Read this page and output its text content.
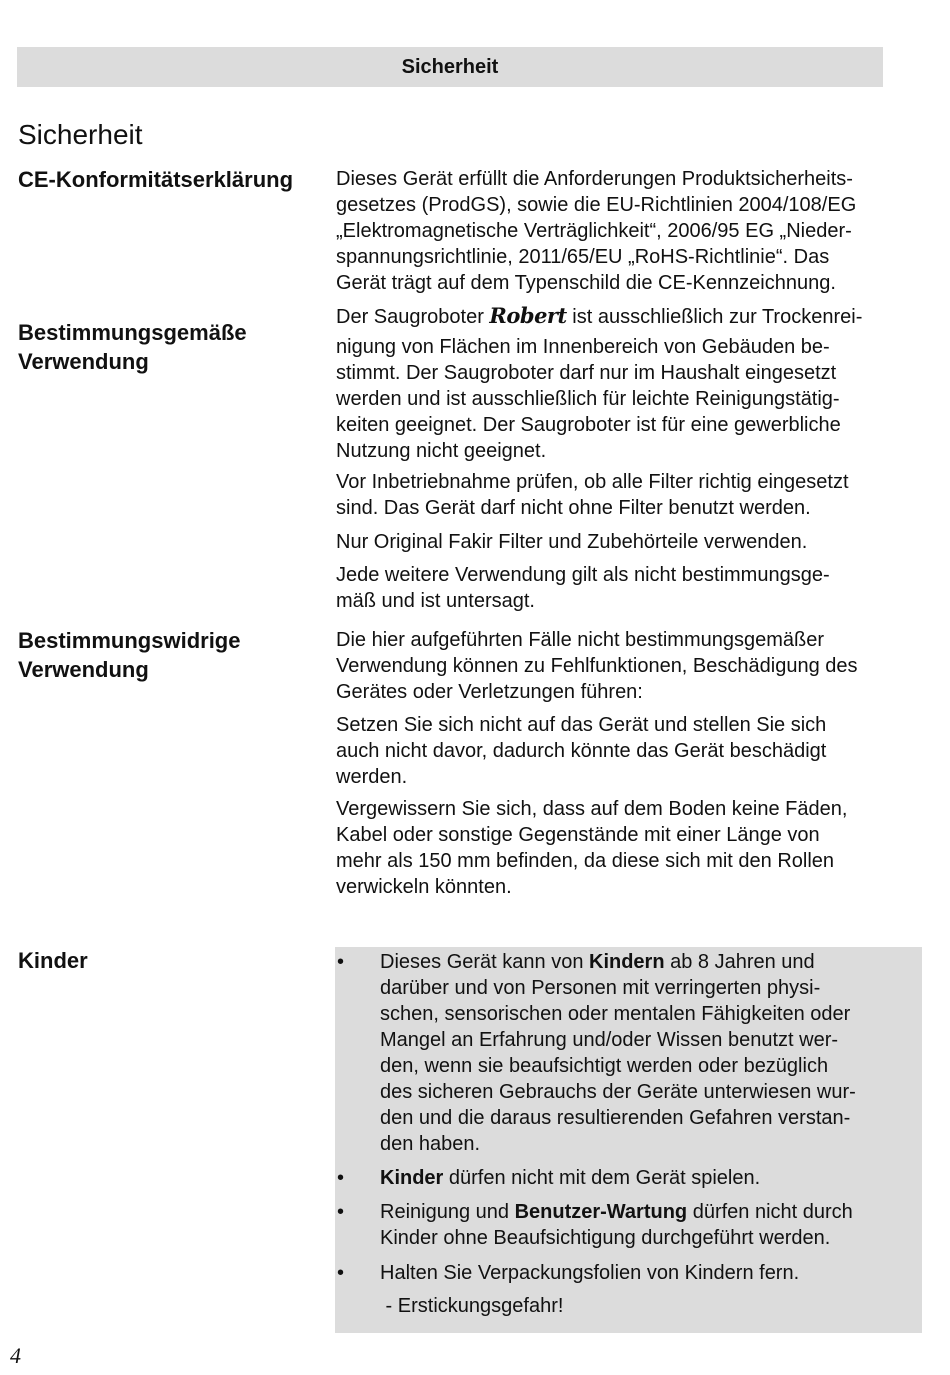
Sicherheit
Sicherheit
CE-Konformitätserklärung Dieses Gerät erfüllt die Anforderungen Produktsicherheits-
gesetzes (ProdGS), sowie die EU-Richtlinien 2004/108/EG
„Elektromagnetische Verträglichkeit“, 2006/95 EG „Nieder-
spannungsrichtlinie, 2011/65/EU „RoHS-Richtlinie“. Das
Gerät trägt auf dem Typenschild die CE-Kennzeichnung.

Bestimmungsgemäße
Verwendung

Der Saugroboter Robert ist ausschließlich zur Trockenrei-

nigung von Flächen im Innenbereich von Gebäuden be-
stimmt. Der Saugroboter darf nur im Haushalt eingesetzt
werden und ist ausschließlich für leichte Reinigungstätig-
keiten geeignet. Der Saugroboter ist für eine gewerbliche
Nutzung nicht geeignet.

Vor Inbetriebnahme prüfen, ob alle Filter richtig eingesetzt
sind. Das Gerät darf nicht ohne Filter benutzt werden.

Nur Original Fakir Filter und Zubehörteile verwenden.

Jede weitere Verwendung gilt als nicht bestimmungsge-
mäß und ist untersagt.

Bestimmungswidrige
Verwendung

Die hier aufgeführten Fälle nicht bestimmungsgemäßer
Verwendung können zu Fehlfunktionen, Beschädigung des
Gerätes oder Verletzungen führen:

Setzen Sie sich nicht auf das Gerät und stellen Sie sich
auch nicht davor, dadurch könnte das Gerät beschädigt
werden.

Vergewissern Sie sich, dass auf dem Boden keine Fäden,
Kabel oder sonstige Gegenstände mit einer Länge von
mehr als 150 mm befinden, da diese sich mit den Rollen
verwickeln könnten.

Kinder	•	Dieses Gerät kann von Kindern ab 8 Jahren und
darüber und von Personen mit verringerten physi-
schen, sensorischen oder mentalen Fähigkeiten oder
Mangel an Erfahrung und/oder Wissen benutzt wer-
den, wenn sie beaufsichtigt werden oder bezüglich
des sicheren Gebrauchs der Geräte unterwiesen wur-
den und die daraus resultierenden Gefahren verstan-
den haben.
•	Kinder dürfen nicht mit dem Gerät spielen.
•	Reinigung und Benutzer-Wartung dürfen nicht durch
Kinder ohne Beaufsichtigung durchgeführt werden.
•	Halten Sie Verpackungsfolien von Kindern fern.
- Erstickungsgefahr!
4
